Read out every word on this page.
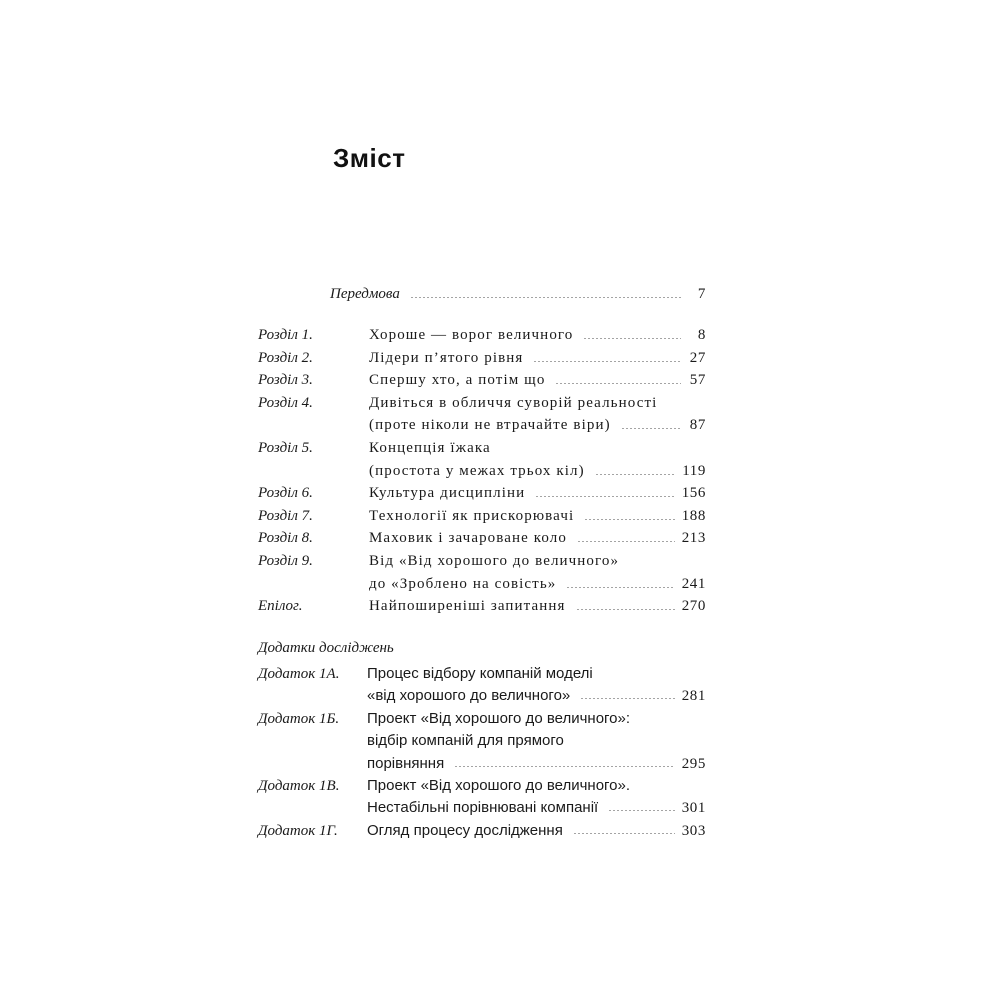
Зміст
Передмова	7
Розділ 1.	Хороше — ворог величного	8
Розділ 2.	Лідери п’ятого рівня	27
Розділ 3.	Спершу хто, а потім що	57
Розділ 4.	Дивіться в обличчя суворій реальності
(проте ніколи не втрачайте віри)	87
Розділ 5.	Концепція їжака
(простота у межах трьох кіл)	119
Розділ 6.	Культура дисципліни	156
Розділ 7.	Технології як прискорювачі	188
Розділ 8.	Маховик і зачароване коло	213
Розділ 9.	Від «Від хорошого до величного»
до «Зроблено на совість»	241
Епілог.	Найпоширеніші запитання	270
Додатки досліджень
Додаток 1А.	Процес відбору компаній моделі
«від хорошого до величного»	281
Додаток 1Б.	Проект «Від хорошого до величного»:
відбір компаній для прямого
порівняння	295
Додаток 1В.	Проект «Від хорошого до величного».
Нестабільні порівнювані компанії	301
Додаток 1Г.	Огляд процесу дослідження	303
